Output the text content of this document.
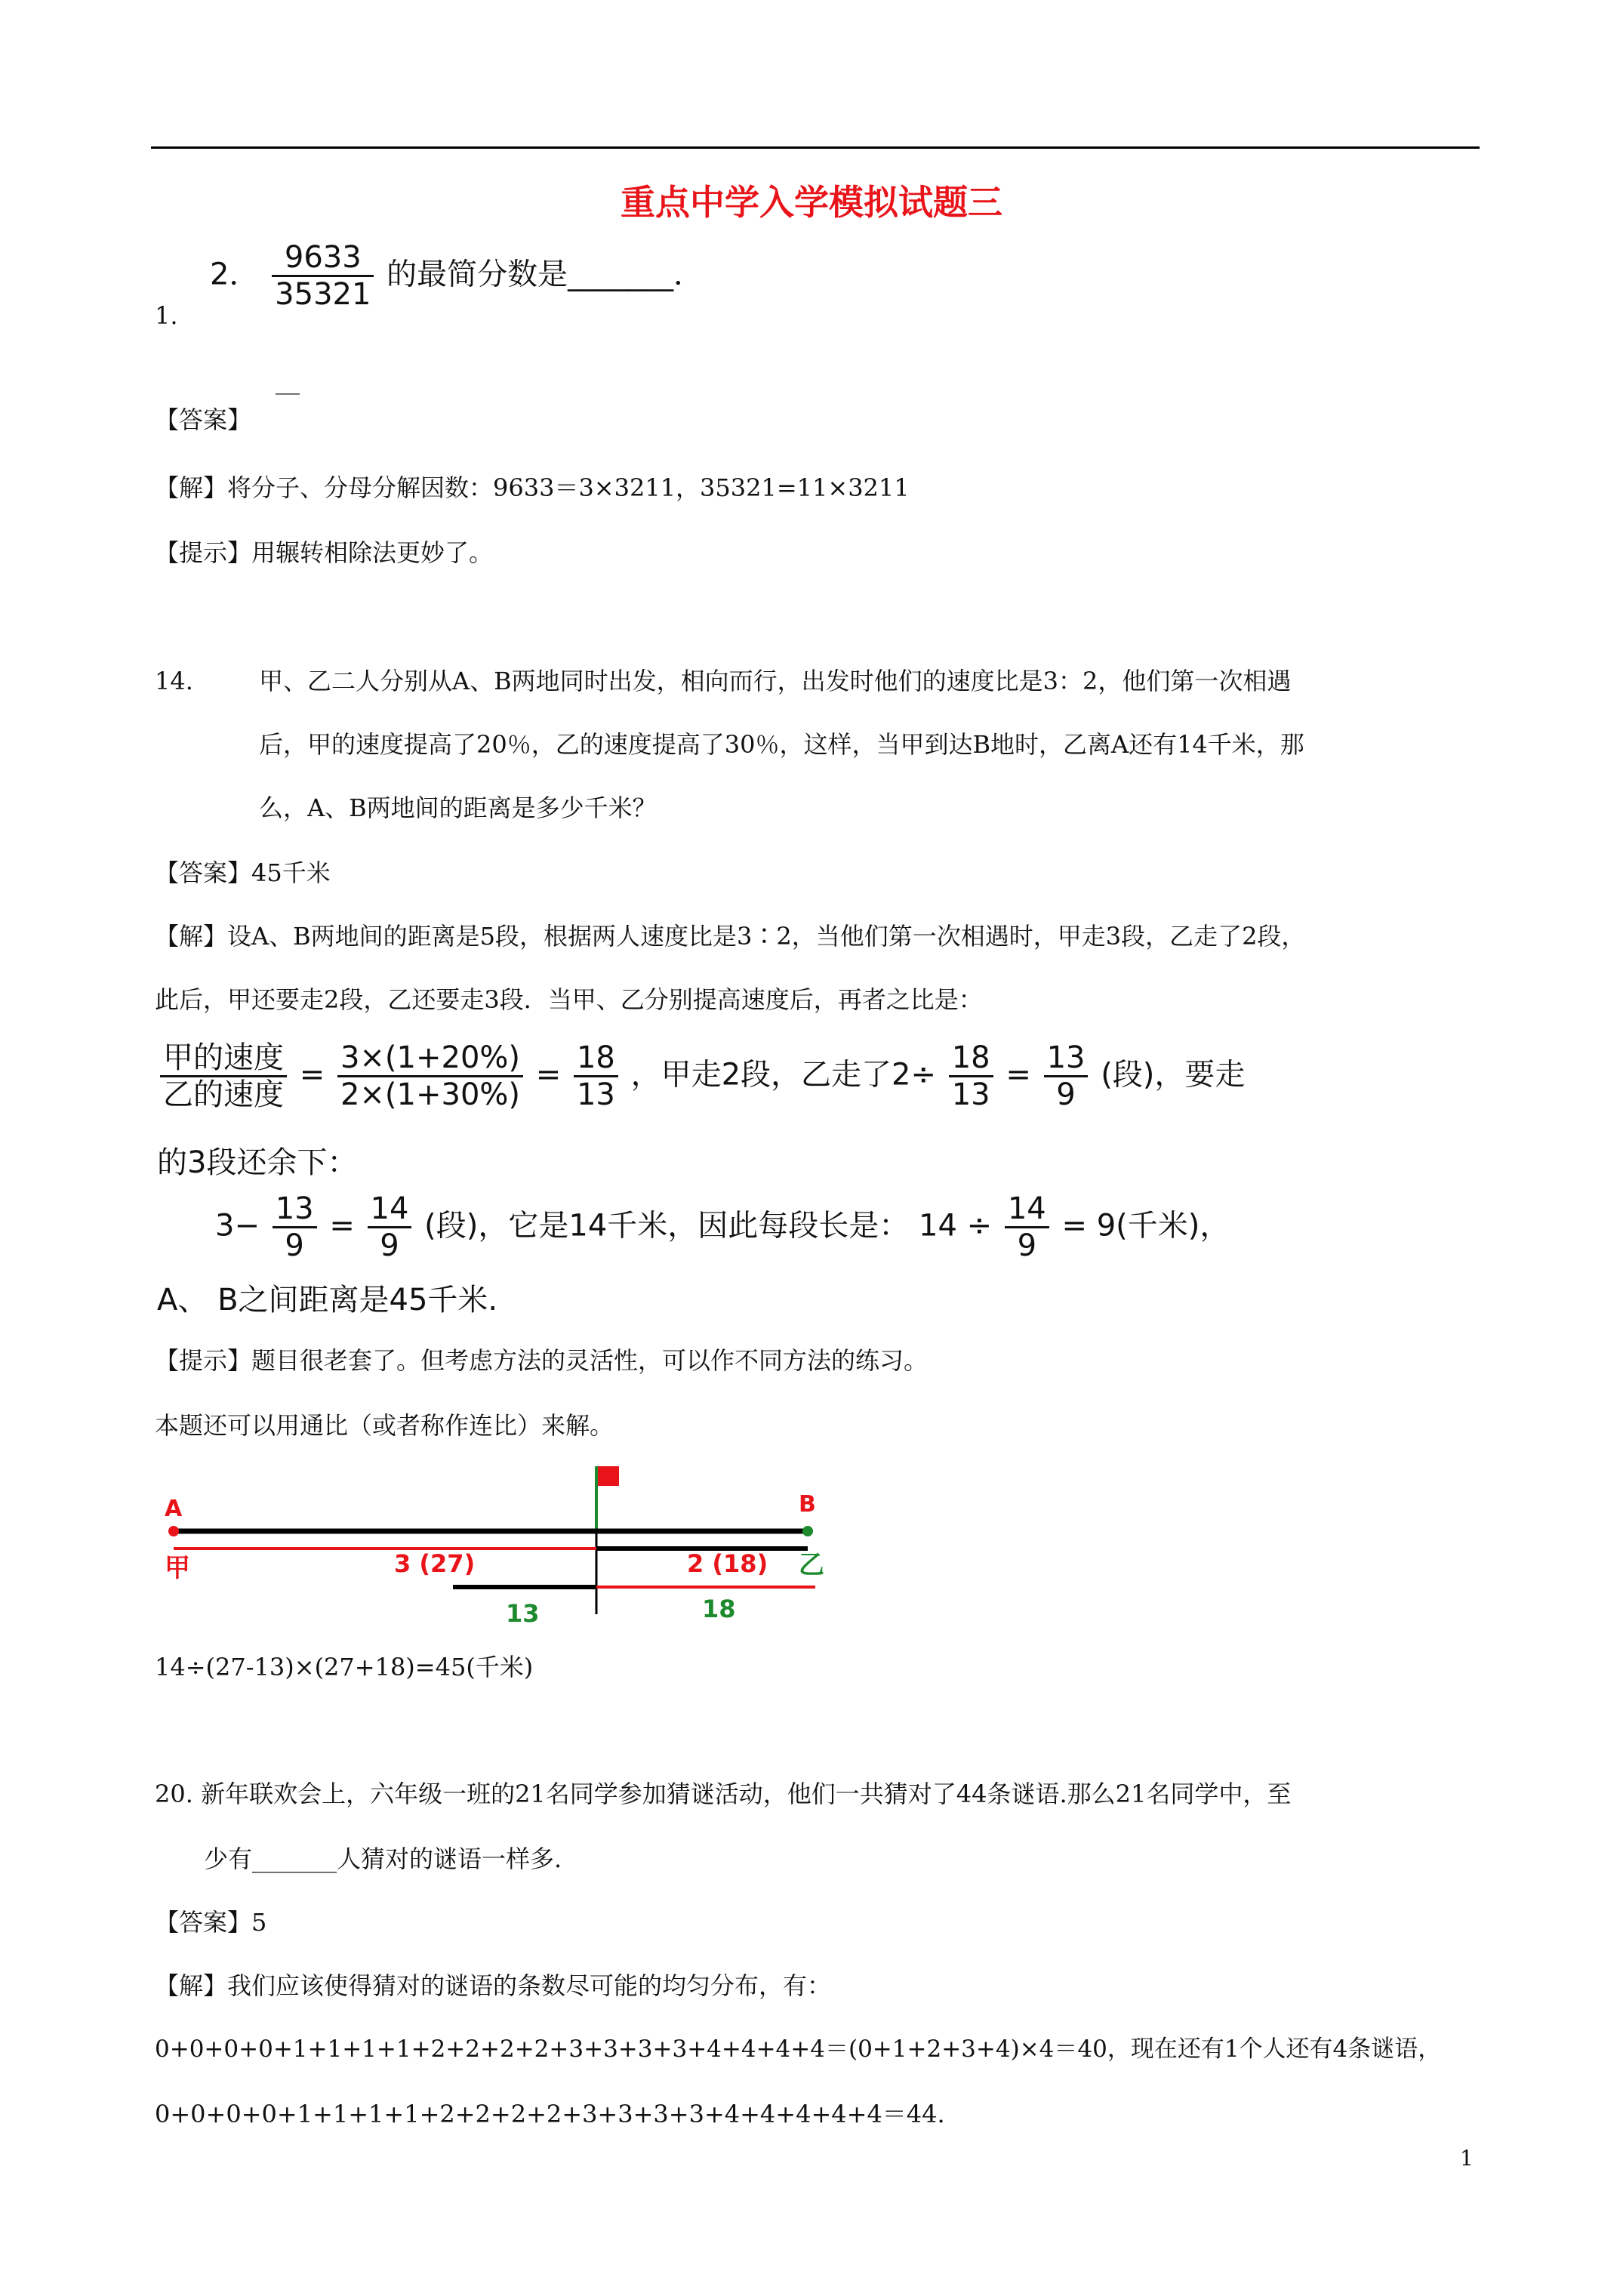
重点中学入学模拟试题三
2． $\frac{9633}{35321}$ 的最简分数是_______．
1.
__
【答案】
【解】将分子、分母分解因数：9633＝3×3211，35321=11×3211
【提示】用辗转相除法更妙了。
14.	甲、乙二人分别从A、B两地同时出发，相向而行，出发时他们的速度比是3：2，他们第一次相遇
后，甲的速度提高了20％，乙的速度提高了30％，这样，当甲到达B地时，乙离A还有14千米，那
么，A、B两地间的距离是多少千米？
【答案】45千米
【解】设A、B两地间的距离是5段，根据两人速度比是3∶2，当他们第一次相遇时，甲走3段，乙走了2段，
此后，甲还要走2段，乙还要走3段．当甲、乙分别提高速度后，再者之比是：
$\frac{\text{甲的速度}}{\text{乙的速度}} = \frac{3\times(1+20\%)}{2\times(1+30\%)} = \frac{18}{13}$ ，甲走2段，乙走了$2\div \frac{18}{13} = \frac{13}{9}$ (段)，要走
的3段还余下：
$3- \frac{13}{9} = \frac{14}{9}$ (段)，它是14千米，因此每段长是： $14 \div \frac{14}{9} = 9$(千米)，
A、 B之间距离是45千米.
【提示】题目很老套了。但考虑方法的灵活性，可以作不同方法的练习。
本题还可以用通比（或者称作连比）来解。
A	B
甲	乙
3 (27)	2 (18)
13	18
14÷(27-13)×(27+18)=45(千米)
20. 新年联欢会上，六年级一班的21名同学参加猜谜活动，他们一共猜对了44条谜语.那么21名同学中，至
少有_______人猜对的谜语一样多.
【答案】5
【解】我们应该使得猜对的谜语的条数尽可能的均匀分布，有：
0+0+0+0+1+1+1+1+2+2+2+2+3+3+3+3+4+4+4+4＝(0+1+2+3+4)×4＝40，现在还有1个人还有4条谜语，
0+0+0+0+1+1+1+1+2+2+2+2+3+3+3+3+4+4+4+4+4＝44.
1
